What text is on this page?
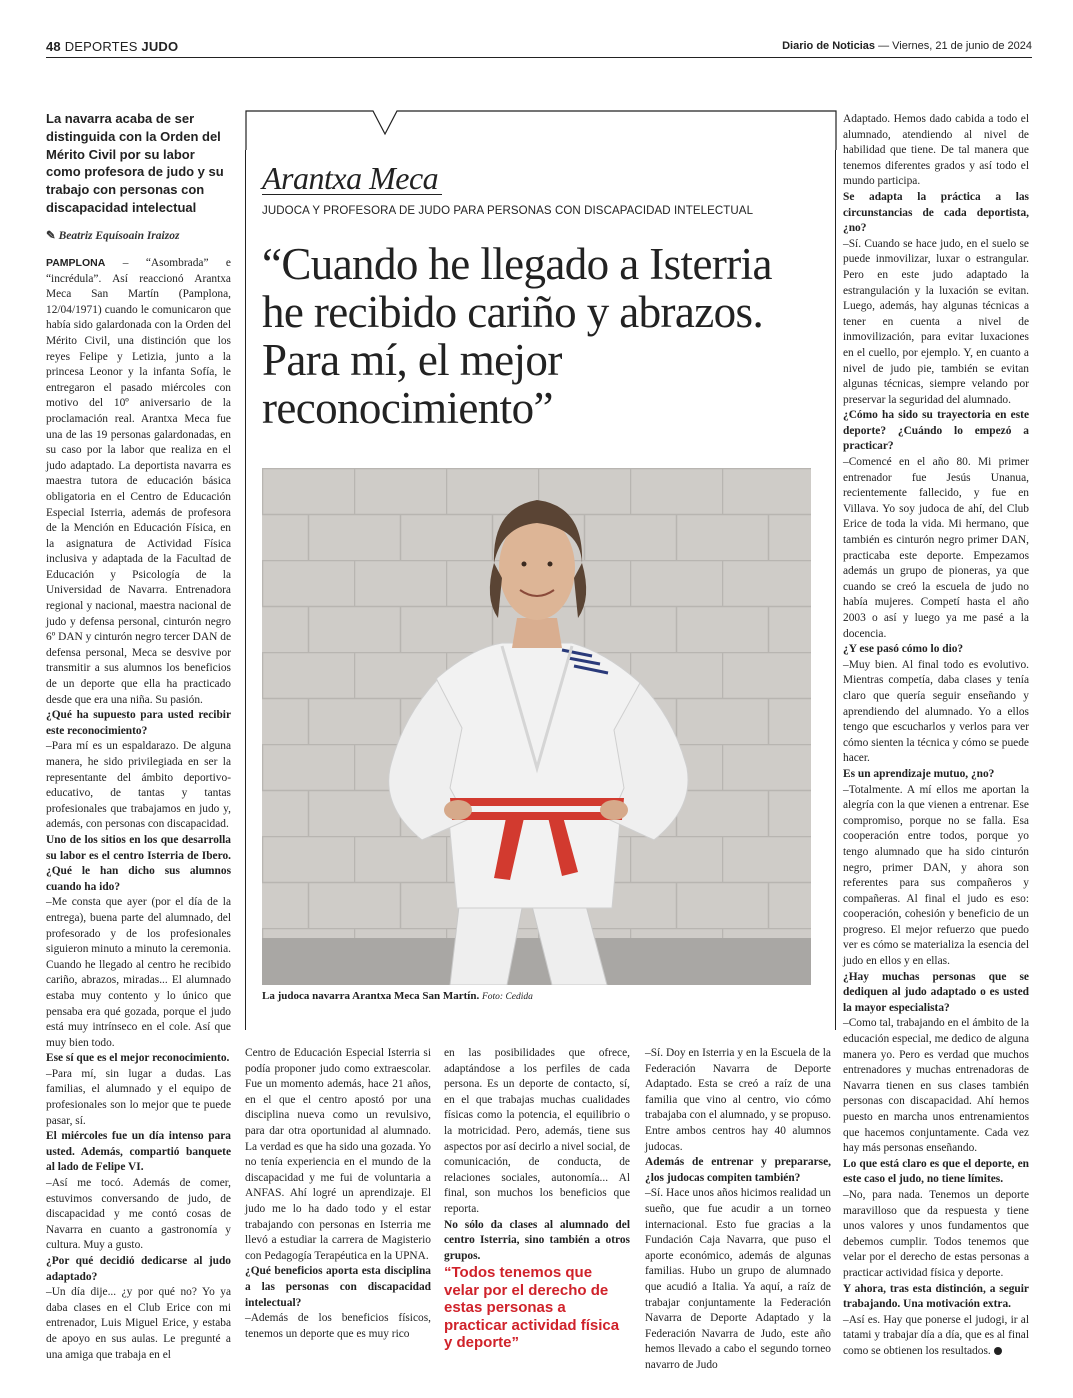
48 DEPORTES JUDO	Diario de Noticias — Viernes, 21 de junio de 2024
La navarra acaba de ser distinguida con la Orden del Mérito Civil por su labor como profesora de judo y su trabajo con personas con discapacidad intelectual
✎ Beatriz Equísoain Iraizoz
Arantxa Meca
JUDOCA Y PROFESORA DE JUDO PARA PERSONAS CON DISCAPACIDAD INTELECTUAL
“Cuando he llegado a Isterria he recibido cariño y abrazos. Para mí, el mejor reconocimiento”
La judoca navarra Arantxa Meca San Martín. Foto: Cedida

PAMPLONA – “Asombrada” e “incrédula”. Así reaccionó Arantxa Meca San Martín (Pamplona, 12/04/1971) cuando le comunicaron que había sido galardonada con la Orden del Mérito Civil, una distinción que los reyes Felipe y Letizia, junto a la princesa Leonor y la infanta Sofía, le entregaron el pasado miércoles con motivo del 10º aniversario de la proclamación real. Arantxa Meca fue una de las 19 personas galardonadas, en su caso por la labor que realiza en el judo adaptado. La deportista navarra es maestra tutora de educación básica obligatoria en el Centro de Educación Especial Isterria, además de profesora de la Mención en Educación Física, en la asignatura de Actividad Física inclusiva y adaptada de la Facultad de Educación y Psicología de la Universidad de Navarra. Entrenadora regional y nacional, maestra nacional de judo y defensa personal, cinturón negro 6º DAN y cinturón negro tercer DAN de defensa personal, Meca se desvive por transmitir a sus alumnos los beneficios de un deporte que ella ha practicado desde que era una niña. Su pasión.

¿Qué ha supuesto para usted recibir este reconocimiento?

–Para mí es un espaldarazo. De alguna manera, he sido privilegiada en ser la representante del ámbito deportivo-educativo, de tantas y tantas profesionales que trabajamos en judo y, además, con personas con discapacidad.

Uno de los sitios en los que desarrolla su labor es el centro Isterria de Ibero. ¿Qué le han dicho sus alumnos cuando ha ido?

–Me consta que ayer (por el día de la entrega), buena parte del alumnado, del profesorado y de los profesionales siguieron minuto a minuto la ceremonia. Cuando he llegado al centro he recibido cariño, abrazos, miradas... El alumnado estaba muy contento y lo único que pensaba era qué gozada, porque el judo está muy intrínseco en el cole. Así que muy bien todo.

Ese sí que es el mejor reconocimiento.

–Para mí, sin lugar a dudas. Las familias, el alumnado y el equipo de profesionales son lo mejor que te puede pasar, sí.

El miércoles fue un día intenso para usted. Además, compartió banquete al lado de Felipe VI.

–Así me tocó. Además de comer, estuvimos conversando de judo, de discapacidad y me contó cosas de Navarra en cuanto a gastronomía y cultura. Muy a gusto.

¿Por qué decidió dedicarse al judo adaptado?

–Un día dije... ¿y por qué no? Yo ya daba clases en el Club Erice con mi entrenador, Luis Miguel Erice, y estaba de apoyo en sus aulas. Le pregunté a una amiga que trabaja en el

Centro de Educación Especial Isterria si podía proponer judo como extraescolar. Fue un momento además, hace 21 años, en el que el centro apostó por una disciplina nueva como un revulsivo, para dar otra oportunidad al alumnado. La verdad es que ha sido una gozada. Yo no tenía experiencia en el mundo de la discapacidad y me fui de voluntaria a ANFAS. Ahí logré un aprendizaje. El judo me lo ha dado todo y el estar trabajando con personas en Isterria me llevó a estudiar la carrera de Magisterio con Pedagogía Terapéutica en la UPNA.

¿Qué beneficios aporta esta disciplina a las personas con discapacidad intelectual?

–Además de los beneficios físicos, tenemos un deporte que es muy rico

en las posibilidades que ofrece, adaptándose a los perfiles de cada persona. Es un deporte de contacto, sí, en el que trabajas muchas cualidades físicas como la potencia, el equilibrio o la motricidad. Pero, además, tiene sus aspectos por así decirlo a nivel social, de comunicación, de conducta, de relaciones sociales, autonomía... Al final, son muchos los beneficios que reporta.

No sólo da clases al alumnado del centro Isterria, sino también a otros grupos.

“Todos tenemos que velar por el derecho de estas personas a practicar actividad física y deporte”

–Sí. Doy en Isterria y en la Escuela de la Federación Navarra de Deporte Adaptado. Esta se creó a raíz de una familia que vino al centro, vio cómo trabajaba con el alumnado, y se propuso. Entre ambos centros hay 40 alumnos judocas.

Además de entrenar y prepararse, ¿los judocas compiten también?

–Sí. Hace unos años hicimos realidad un sueño, que fue acudir a un torneo internacional. Esto fue gracias a la Fundación Caja Navarra, que puso el aporte económico, además de algunas familias. Hubo un grupo de alumnado que acudió a Italia. Ya aquí, a raíz de trabajar conjuntamente la Federación Navarra de Deporte Adaptado y la Federación Navarra de Judo, este año hemos llevado a cabo el segundo torneo navarro de Judo

Adaptado. Hemos dado cabida a todo el alumnado, atendiendo al nivel de habilidad que tiene. De tal manera que tenemos diferentes grados y así todo el mundo participa.

Se adapta la práctica a las circunstancias de cada deportista, ¿no?

–Sí. Cuando se hace judo, en el suelo se puede inmovilizar, luxar o estrangular. Pero en este judo adaptado la estrangulación y la luxación se evitan. Luego, además, hay algunas técnicas a tener en cuenta a nivel de inmovilización, para evitar luxaciones en el cuello, por ejemplo. Y, en cuanto a nivel de judo pie, también se evitan algunas técnicas, siempre velando por preservar la seguridad del alumnado.

¿Cómo ha sido su trayectoria en este deporte? ¿Cuándo lo empezó a practicar?

–Comencé en el año 80. Mi primer entrenador fue Jesús Unanua, recientemente fallecido, y fue en Villava. Yo soy judoca de ahí, del Club Erice de toda la vida. Mi hermano, que también es cinturón negro primer DAN, practicaba este deporte. Empezamos además un grupo de pioneras, ya que cuando se creó la escuela de judo no había mujeres. Competí hasta el año 2003 o así y luego ya me pasé a la docencia.

¿Y ese pasó cómo lo dio?

–Muy bien. Al final todo es evolutivo. Mientras competía, daba clases y tenía claro que quería seguir enseñando y aprendiendo del alumnado. Yo a ellos tengo que escucharlos y verlos para ver cómo sienten la técnica y cómo se puede hacer.

Es un aprendizaje mutuo, ¿no?

–Totalmente. A mí ellos me aportan la alegría con la que vienen a entrenar. Ese compromiso, porque no se falla. Esa cooperación entre todos, porque yo tengo alumnado que ha sido cinturón negro, primer DAN, y ahora son referentes para sus compañeros y compañeras. Al final el judo es eso: cooperación, cohesión y beneficio de un progreso. El mejor refuerzo que puedo ver es cómo se materializa la esencia del judo en ellos y en ellas.

¿Hay muchas personas que se dediquen al judo adaptado o es usted la mayor especialista?

–Como tal, trabajando en el ámbito de la educación especial, me dedico de alguna manera yo. Pero es verdad que muchos entrenadores y muchas entrenadoras de Navarra tienen en sus clases también personas con discapacidad. Ahí hemos puesto en marcha unos entrenamientos que hacemos conjuntamente. Cada vez hay más personas enseñando.

Lo que está claro es que el deporte, en este caso el judo, no tiene límites.

–No, para nada. Tenemos un deporte maravilloso que da respuesta y tiene unos valores y unos fundamentos que debemos cumplir. Todos tenemos que velar por el derecho de estas personas a practicar actividad física y deporte.

Y ahora, tras esta distinción, a seguir trabajando. Una motivación extra.

–Así es. Hay que ponerse el judogi, ir al tatami y trabajar día a día, que es al final como se obtienen los resultados.
